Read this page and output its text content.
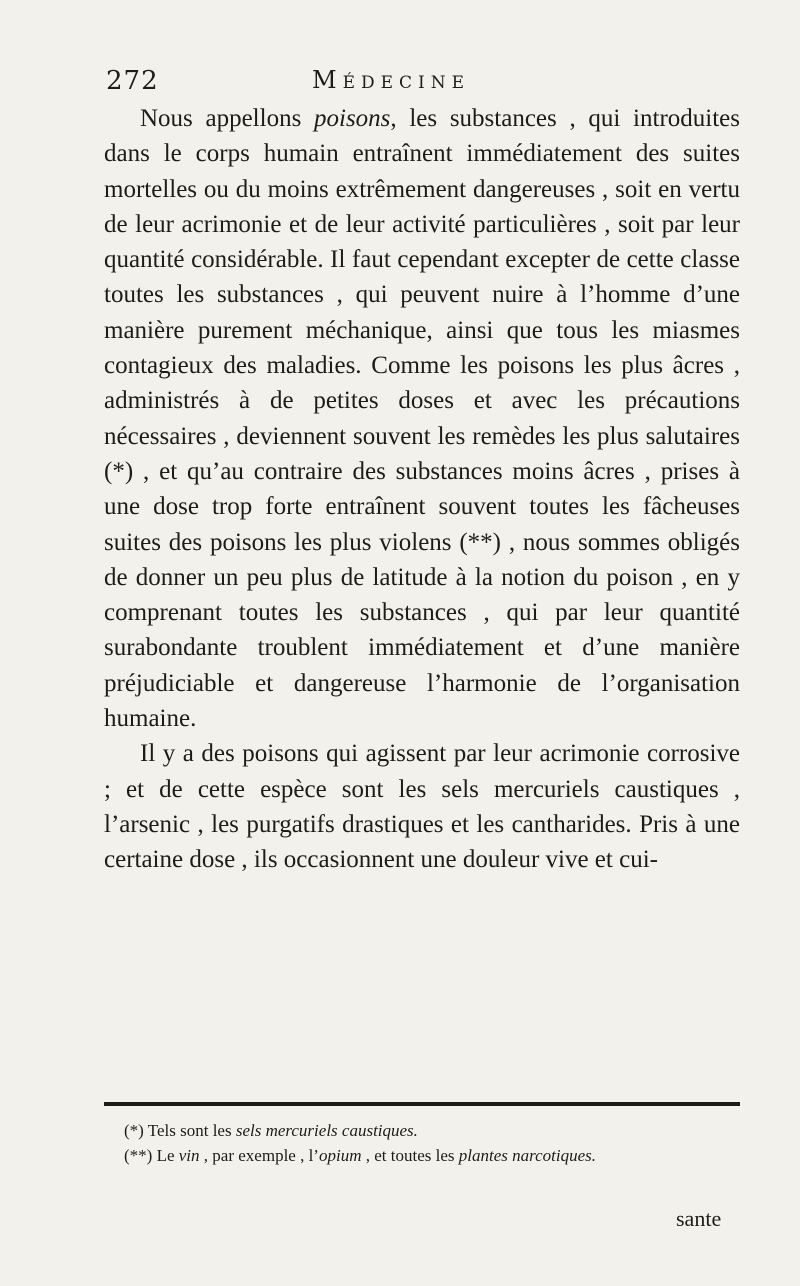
272	Médecine

Nous appellons poisons, les substances , qui introduites dans le corps humain entraînent immédiatement des suites mortelles ou du moins extrêmement dangereuses , soit en vertu de leur acrimonie et de leur activité particulières , soit par leur quantité considérable. Il faut cependant excepter de cette classe toutes les substances , qui peuvent nuire à l’homme d’une manière purement méchanique, ainsi que tous les miasmes contagieux des maladies. Comme les poisons les plus âcres , administrés à de petites doses et avec les précautions nécessaires , deviennent souvent les remèdes les plus salutaires (*) , et qu’au contraire des substances moins âcres , prises à une dose trop forte entraînent souvent toutes les fâcheuses suites des poisons les plus violens (**) , nous sommes obligés de donner un peu plus de latitude à la notion du poison , en y comprenant toutes les substances , qui par leur quantité surabondante troublent immédiatement et d’une manière préjudiciable et dangereuse l’harmonie de l’organisation humaine.

Il y a des poisons qui agissent par leur acrimonie corrosive ; et de cette espèce sont les sels mercuriels caustiques , l’arsenic , les purgatifs drastiques et les cantharides. Pris à une certaine dose , ils occasionnent une douleur vive et cui-

(*) Tels sont les sels mercuriels caustiques.

(**) Le vin , par exemple , l’opium , et toutes les plantes narcotiques.

sante
